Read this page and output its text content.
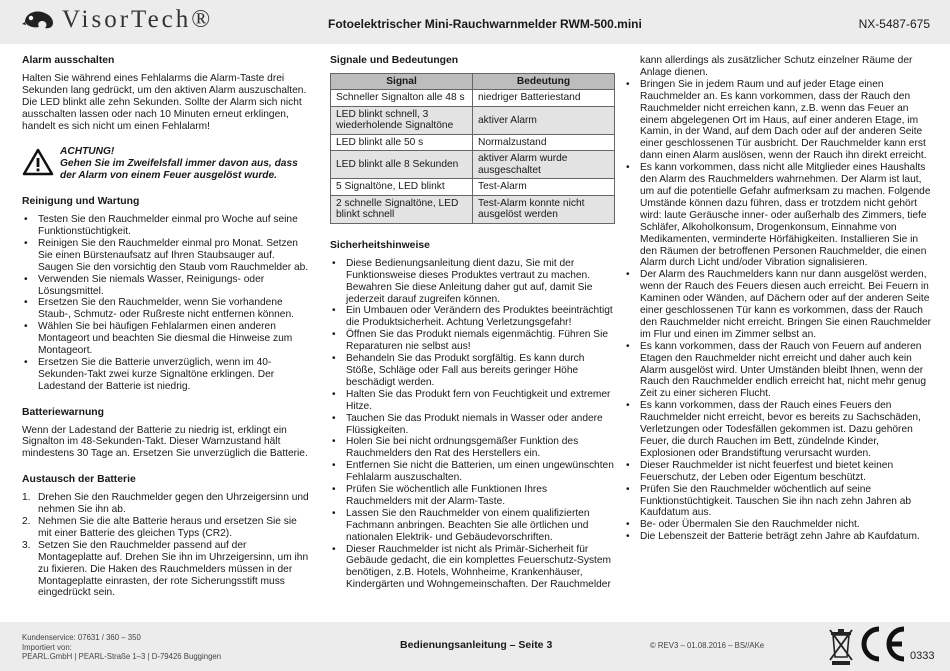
VisorTech®	Fotoelektrischer Mini-Rauchwarnmelder RWM-500.mini	NX-5487-675
Alarm ausschalten

Halten Sie während eines Fehlalarms die Alarm-Taste drei Sekunden lang gedrückt, um den aktiven Alarm auszuschalten. Die LED blinkt alle zehn Sekunden. Sollte der Alarm sich nicht ausschalten lassen oder nach 10 Minuten erneut erklingen, handelt es sich nicht um einen Fehlalarm!

ACHTUNG!
Gehen Sie im Zweifelsfall immer davon aus, dass der Alarm von einem Feuer ausgelöst wurde.
Reinigung und Wartung
• Testen Sie den Rauchmelder einmal pro Woche auf seine Funktionstüchtigkeit.
• Reinigen Sie den Rauchmelder einmal pro Monat. Setzen Sie einen Bürstenaufsatz auf Ihren Staubsauger auf. Saugen Sie den vorsichtig den Staub vom Rauchmelder ab.
• Verwenden Sie niemals Wasser, Reinigungs- oder Lösungsmittel.
• Ersetzen Sie den Rauchmelder, wenn Sie vorhandene Staub-, Schmutz- oder Rußreste nicht entfernen können.
• Wählen Sie bei häufigen Fehlalarmen einen anderen Montageort und beachten Sie diesmal die Hinweise zum Montageort.
• Ersetzen Sie die Batterie unverzüglich, wenn im 40-Sekunden-Takt zwei kurze Signaltöne erklingen. Der Ladestand der Batterie ist niedrig.
Batteriewarnung

Wenn der Ladestand der Batterie zu niedrig ist, erklingt ein Signalton im 48-Sekunden-Takt. Dieser Warnzustand hält mindestens 30 Tage an. Ersetzen Sie unverzüglich die Batterie.

Austausch der Batterie
1. Drehen Sie den Rauchmelder gegen den Uhrzeigersinn und nehmen Sie ihn ab.
2. Nehmen Sie die alte Batterie heraus und ersetzen Sie sie mit einer Batterie des gleichen Typs (CR2).
3. Setzen Sie den Rauchmelder passend auf der Montageplatte auf. Drehen Sie ihn im Uhrzeigersinn, um ihn zu fixieren. Die Haken des Rauchmelders müssen in der Montageplatte einrasten, der rote Sicherungsstift muss eingedrückt sein.
Signale und Bedeutungen
Signal	Bedeutung
Schneller Signalton alle 48 s	niedriger Batteriestand
LED blinkt schnell, 3 wiederholende Signaltöne	aktiver Alarm
LED blinkt alle 50 s	Normalzustand
LED blinkt alle 8 Sekunden	aktiver Alarm wurde ausgeschaltet
5 Signaltöne, LED blinkt	Test-Alarm
2 schnelle Signaltöne, LED blinkt schnell	Test-Alarm konnte nicht ausgelöst werden
Sicherheitshinweise
• Diese Bedienungsanleitung dient dazu, Sie mit der Funktionsweise dieses Produktes vertraut zu machen. Bewahren Sie diese Anleitung daher gut auf, damit Sie jederzeit darauf zugreifen können.
• Ein Umbauen oder Verändern des Produktes beeinträchtigt die Produktsicherheit. Achtung Verletzungsgefahr!
• Öffnen Sie das Produkt niemals eigenmächtig. Führen Sie Reparaturen nie selbst aus!
• Behandeln Sie das Produkt sorgfältig. Es kann durch Stöße, Schläge oder Fall aus bereits geringer Höhe beschädigt werden.
• Halten Sie das Produkt fern von Feuchtigkeit und extremer Hitze.
• Tauchen Sie das Produkt niemals in Wasser oder andere Flüssigkeiten.
• Holen Sie bei nicht ordnungsgemäßer Funktion des Rauchmelders den Rat des Herstellers ein.
• Entfernen Sie nicht die Batterien, um einen ungewünschten Fehlalarm auszuschalten.
• Prüfen Sie wöchentlich alle Funktionen Ihres Rauchmelders mit der Alarm-Taste.
• Lassen Sie den Rauchmelder von einem qualifizierten Fachmann anbringen. Beachten Sie alle örtlichen und nationalen Elektrik- und Gebäudevorschriften.
• Dieser Rauchmelder ist nicht als Primär-Sicherheit für Gebäude gedacht, die ein komplettes Feuerschutz-System benötigen, z.B. Hotels, Wohnheime, Krankenhäuser, Kindergärten und Wohngemeinschaften. Der Rauchmelder

kann allerdings als zusätzlicher Schutz einzelner Räume der Anlage dienen.

• Bringen Sie in jedem Raum und auf jeder Etage einen Rauchmelder an. Es kann vorkommen, dass der Rauch den Rauchmelder nicht erreichen kann, z.B. wenn das Feuer an einem abgelegenen Ort im Haus, auf einer anderen Etage, im Kamin, in der Wand, auf dem Dach oder auf der anderen Seite einer geschlossenen Tür ausbricht. Der Rauchmelder kann erst dann einen Alarm auslösen, wenn der Rauch ihn direkt erreicht.
• Es kann vorkommen, dass nicht alle Mitglieder eines Haushalts den Alarm des Rauchmelders wahrnehmen. Der Alarm ist laut, um auf die potentielle Gefahr aufmerksam zu machen. Folgende Umstände können dazu führen, dass er trotzdem nicht gehört wird: laute Geräusche inner- oder außerhalb des Zimmers, tiefe Schläfer, Alkoholkonsum, Drogenkonsum, Einnahme von Medikamenten, verminderte Hörfähigkeiten. Installieren Sie in den Räumen der betroffenen Personen Rauchmelder, die einen Alarm durch Licht und/oder Vibration signalisieren.
• Der Alarm des Rauchmelders kann nur dann ausgelöst werden, wenn der Rauch des Feuers diesen auch erreicht. Bei Feuern in Kaminen oder Wänden, auf Dächern oder auf der anderen Seite einer geschlossenen Tür kann es vorkommen, dass der Rauch den Rauchmelder nicht erreicht. Bringen Sie einen Rauchmelder im Flur und einen im Zimmer selbst an.
• Es kann vorkommen, dass der Rauch von Feuern auf anderen Etagen den Rauchmelder nicht erreicht und daher auch kein Alarm ausgelöst wird. Unter Umständen bleibt Ihnen, wenn der Rauch den Rauchmelder endlich erreicht hat, nicht mehr genug Zeit zu einer sicheren Flucht.
• Es kann vorkommen, dass der Rauch eines Feuers den Rauchmelder nicht erreicht, bevor es bereits zu Sachschäden, Verletzungen oder Todesfällen gekommen ist. Dazu gehören Feuer, die durch Rauchen im Bett, zündelnde Kinder, Explosionen oder Brandstiftung verursacht wurden.
• Dieser Rauchmelder ist nicht feuerfest und bietet keinen Feuerschutz, der Leben oder Eigentum beschützt.
• Prüfen Sie den Rauchmelder wöchentlich auf seine Funktionstüchtigkeit. Tauschen Sie ihn nach zehn Jahren ab Kaufdatum aus.
• Be- oder Übermalen Sie den Rauchmelder nicht.
• Die Lebenszeit der Batterie beträgt zehn Jahre ab Kaufdatum.
Kundenservice: 07631 / 360 – 350
Importiert von:
PEARL.GmbH | PEARL-Straße 1–3 | D-79426 Buggingen
Bedienungsanleitung – Seite 3	© REV3 – 01.08.2016 – BS//AKe
0333
